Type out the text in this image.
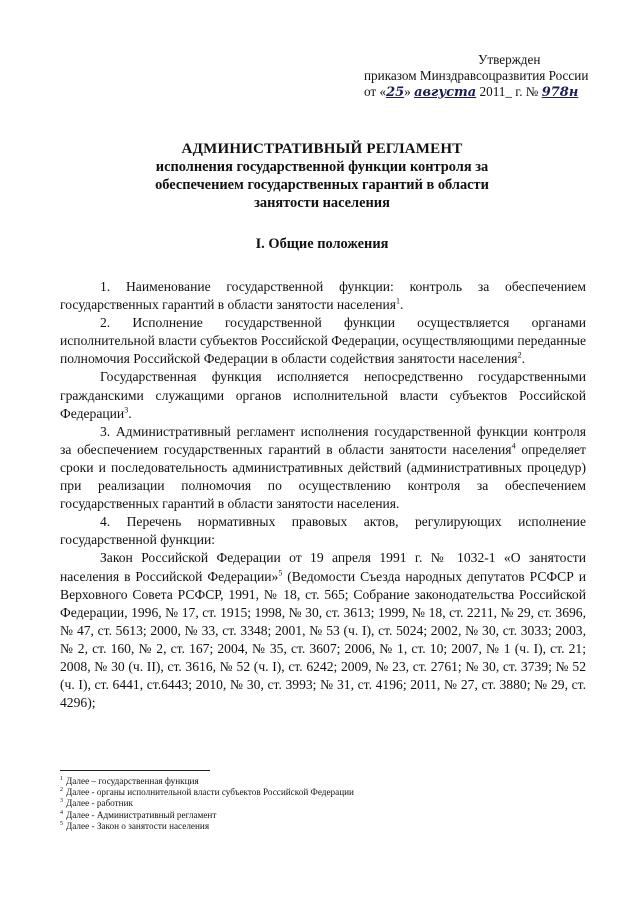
Утвержден
приказом Минздравсоцразвития России
от «25» августа 2011_ г. № 978н
АДМИНИСТРАТИВНЫЙ РЕГЛАМЕНТ
исполнения государственной функции контроля за
обеспечением государственных гарантий в области
занятости населения
I. Общие положения

1. Наименование государственной функции: контроль за обеспечением государственных гарантий в области занятости населения$^1$.

2. Исполнение государственной функции осуществляется органами исполнительной власти субъектов Российской Федерации, осуществляющими переданные полномочия Российской Федерации в области содействия занятости населения$^2$.

Государственная функция исполняется непосредственно государственными гражданскими служащими органов исполнительной власти субъектов Российской Федерации$^3$.

3. Административный регламент исполнения государственной функции контроля за обеспечением государственных гарантий в области занятости населения$^4$ определяет сроки и последовательность административных действий (административных процедур) при реализации полномочия по осуществлению контроля за обеспечением государственных гарантий в области занятости населения.

4. Перечень нормативных правовых актов, регулирующих исполнение государственной функции:

Закон Российской Федерации от 19 апреля 1991 г. № 1032-1 «О занятости населения в Российской Федерации»$^5$ (Ведомости Съезда народных депутатов РСФСР и Верховного Совета РСФСР, 1991, № 18, ст. 565; Собрание законодательства Российской Федерации, 1996, № 17, ст. 1915; 1998, № 30, ст. 3613; 1999, № 18, ст. 2211, № 29, ст. 3696, № 47, ст. 5613; 2000, № 33, ст. 3348; 2001, № 53 (ч. I), ст. 5024; 2002, № 30, ст. 3033; 2003, № 2, ст. 160, № 2, ст. 167; 2004, № 35, ст. 3607; 2006, № 1, ст. 10; 2007, № 1 (ч. I), ст. 21; 2008, № 30 (ч. II), ст. 3616, № 52 (ч. I), ст. 6242; 2009, № 23, ст. 2761; № 30, ст. 3739; № 52 (ч. I), ст. 6441, ст.6443; 2010, № 30, ст. 3993; № 31, ст. 4196; 2011, № 27, ст. 3880; № 29, ст. 4296);

$^1$ Далее – государственная функция
$^2$ Далее - органы исполнительной власти субъектов Российской Федерации
$^3$ Далее - работник
$^4$ Далее - Административный регламент
$^5$ Далее - Закон о занятости населения
